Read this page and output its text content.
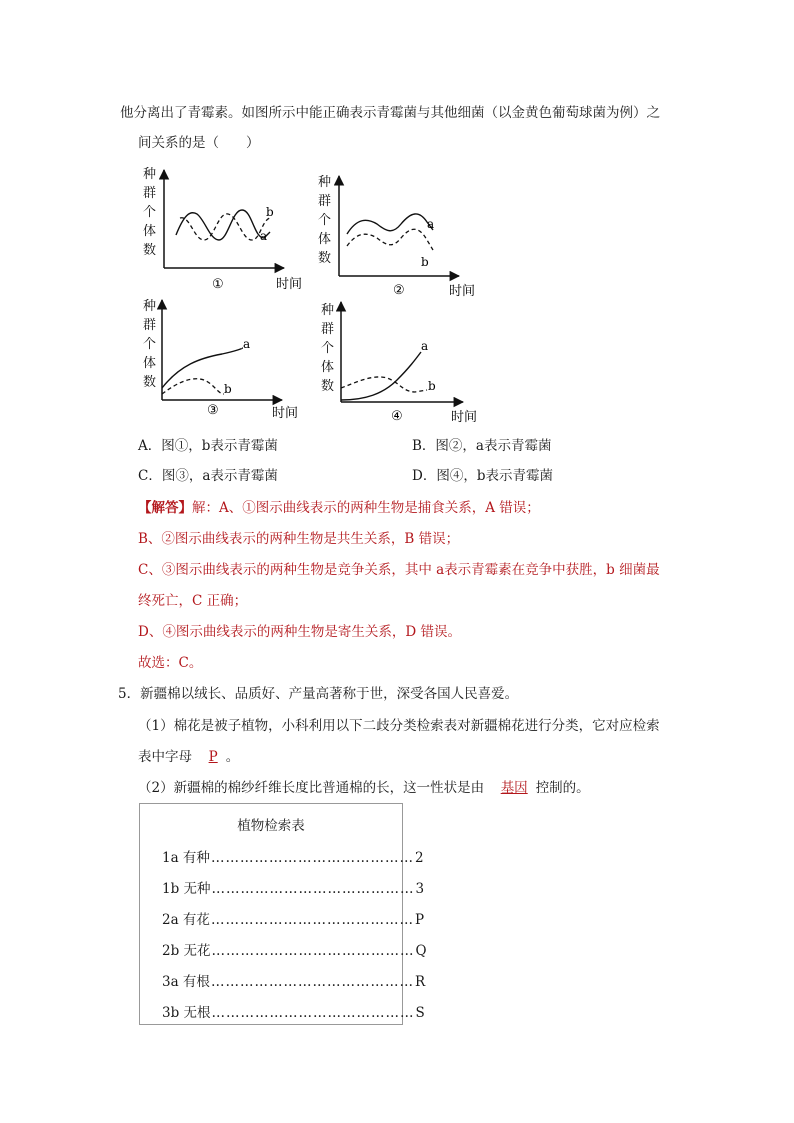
他分离出了青霉素。如图所示中能正确表示青霉菌与其他细菌（以金黄色葡萄球菌为例）之
间关系的是（　　）
种
群
个
体
数
b
a
①	时间
种
群
个
体
数
a
b
②	时间
种
群
个
体
数
a
b
③	时间
种
群
个
体
数
a
b
④	时间
A．图①，b表示青霉菌	B．图②，a表示青霉菌
C．图③，a表示青霉菌	D．图④，b表示青霉菌
【解答】解：A、①图示曲线表示的两种生物是捕食关系，A 错误；
B、②图示曲线表示的两种生物是共生关系，B 错误；
C、③图示曲线表示的两种生物是竞争关系，其中 a表示青霉素在竞争中获胜，b 细菌最
终死亡，C 正确；
D、④图示曲线表示的两种生物是寄生关系，D 错误。
故选：C。
5．新疆棉以绒长、品质好、产量高著称于世，深受各国人民喜爱。
（1）棉花是被子植物，小科利用以下二歧分类检索表对新疆棉花进行分类，它对应检索
表中字母 P 。
（2）新疆棉的棉纱纤维长度比普通棉的长，这一性状是由 基因 控制的。
植物检索表
1a 有种 …………………………………… 2
1b 无种 …………………………………… 3
2a 有花 …………………………………… P
2b 无花 …………………………………… Q
3a 有根 …………………………………… R
3b 无根 …………………………………… S
